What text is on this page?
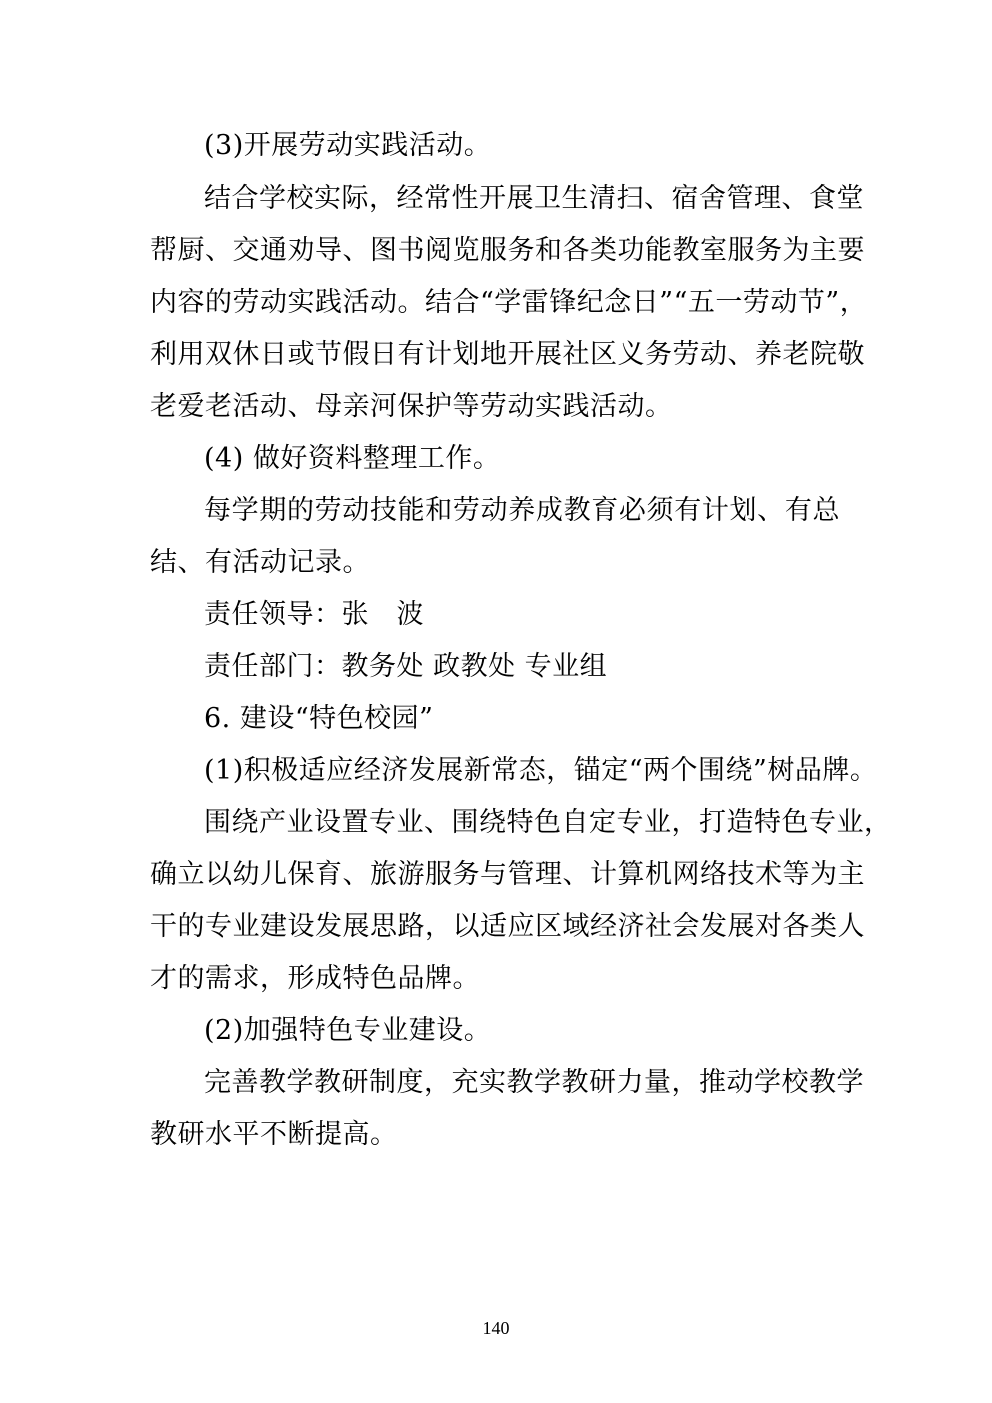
(3)开展劳动实践活动。
结合学校实际，经常性开展卫生清扫、宿舍管理、食堂
帮厨、交通劝导、图书阅览服务和各类功能教室服务为主要
内容的劳动实践活动。结合“学雷锋纪念日”“五一劳动节”，
利用双休日或节假日有计划地开展社区义务劳动、养老院敬
老爱老活动、母亲河保护等劳动实践活动。
(4) 做好资料整理工作。
每学期的劳动技能和劳动养成教育必须有计划、有总
结、有活动记录。
责任领导：张　波
责任部门：教务处 政教处 专业组
6. 建设“特色校园”
(1)积极适应经济发展新常态，锚定“两个围绕”树品牌。
围绕产业设置专业、围绕特色自定专业，打造特色专业，
确立以幼儿保育、旅游服务与管理、计算机网络技术等为主
干的专业建设发展思路，以适应区域经济社会发展对各类人
才的需求，形成特色品牌。
(2)加强特色专业建设。
完善教学教研制度，充实教学教研力量，推动学校教学
教研水平不断提高。
140
